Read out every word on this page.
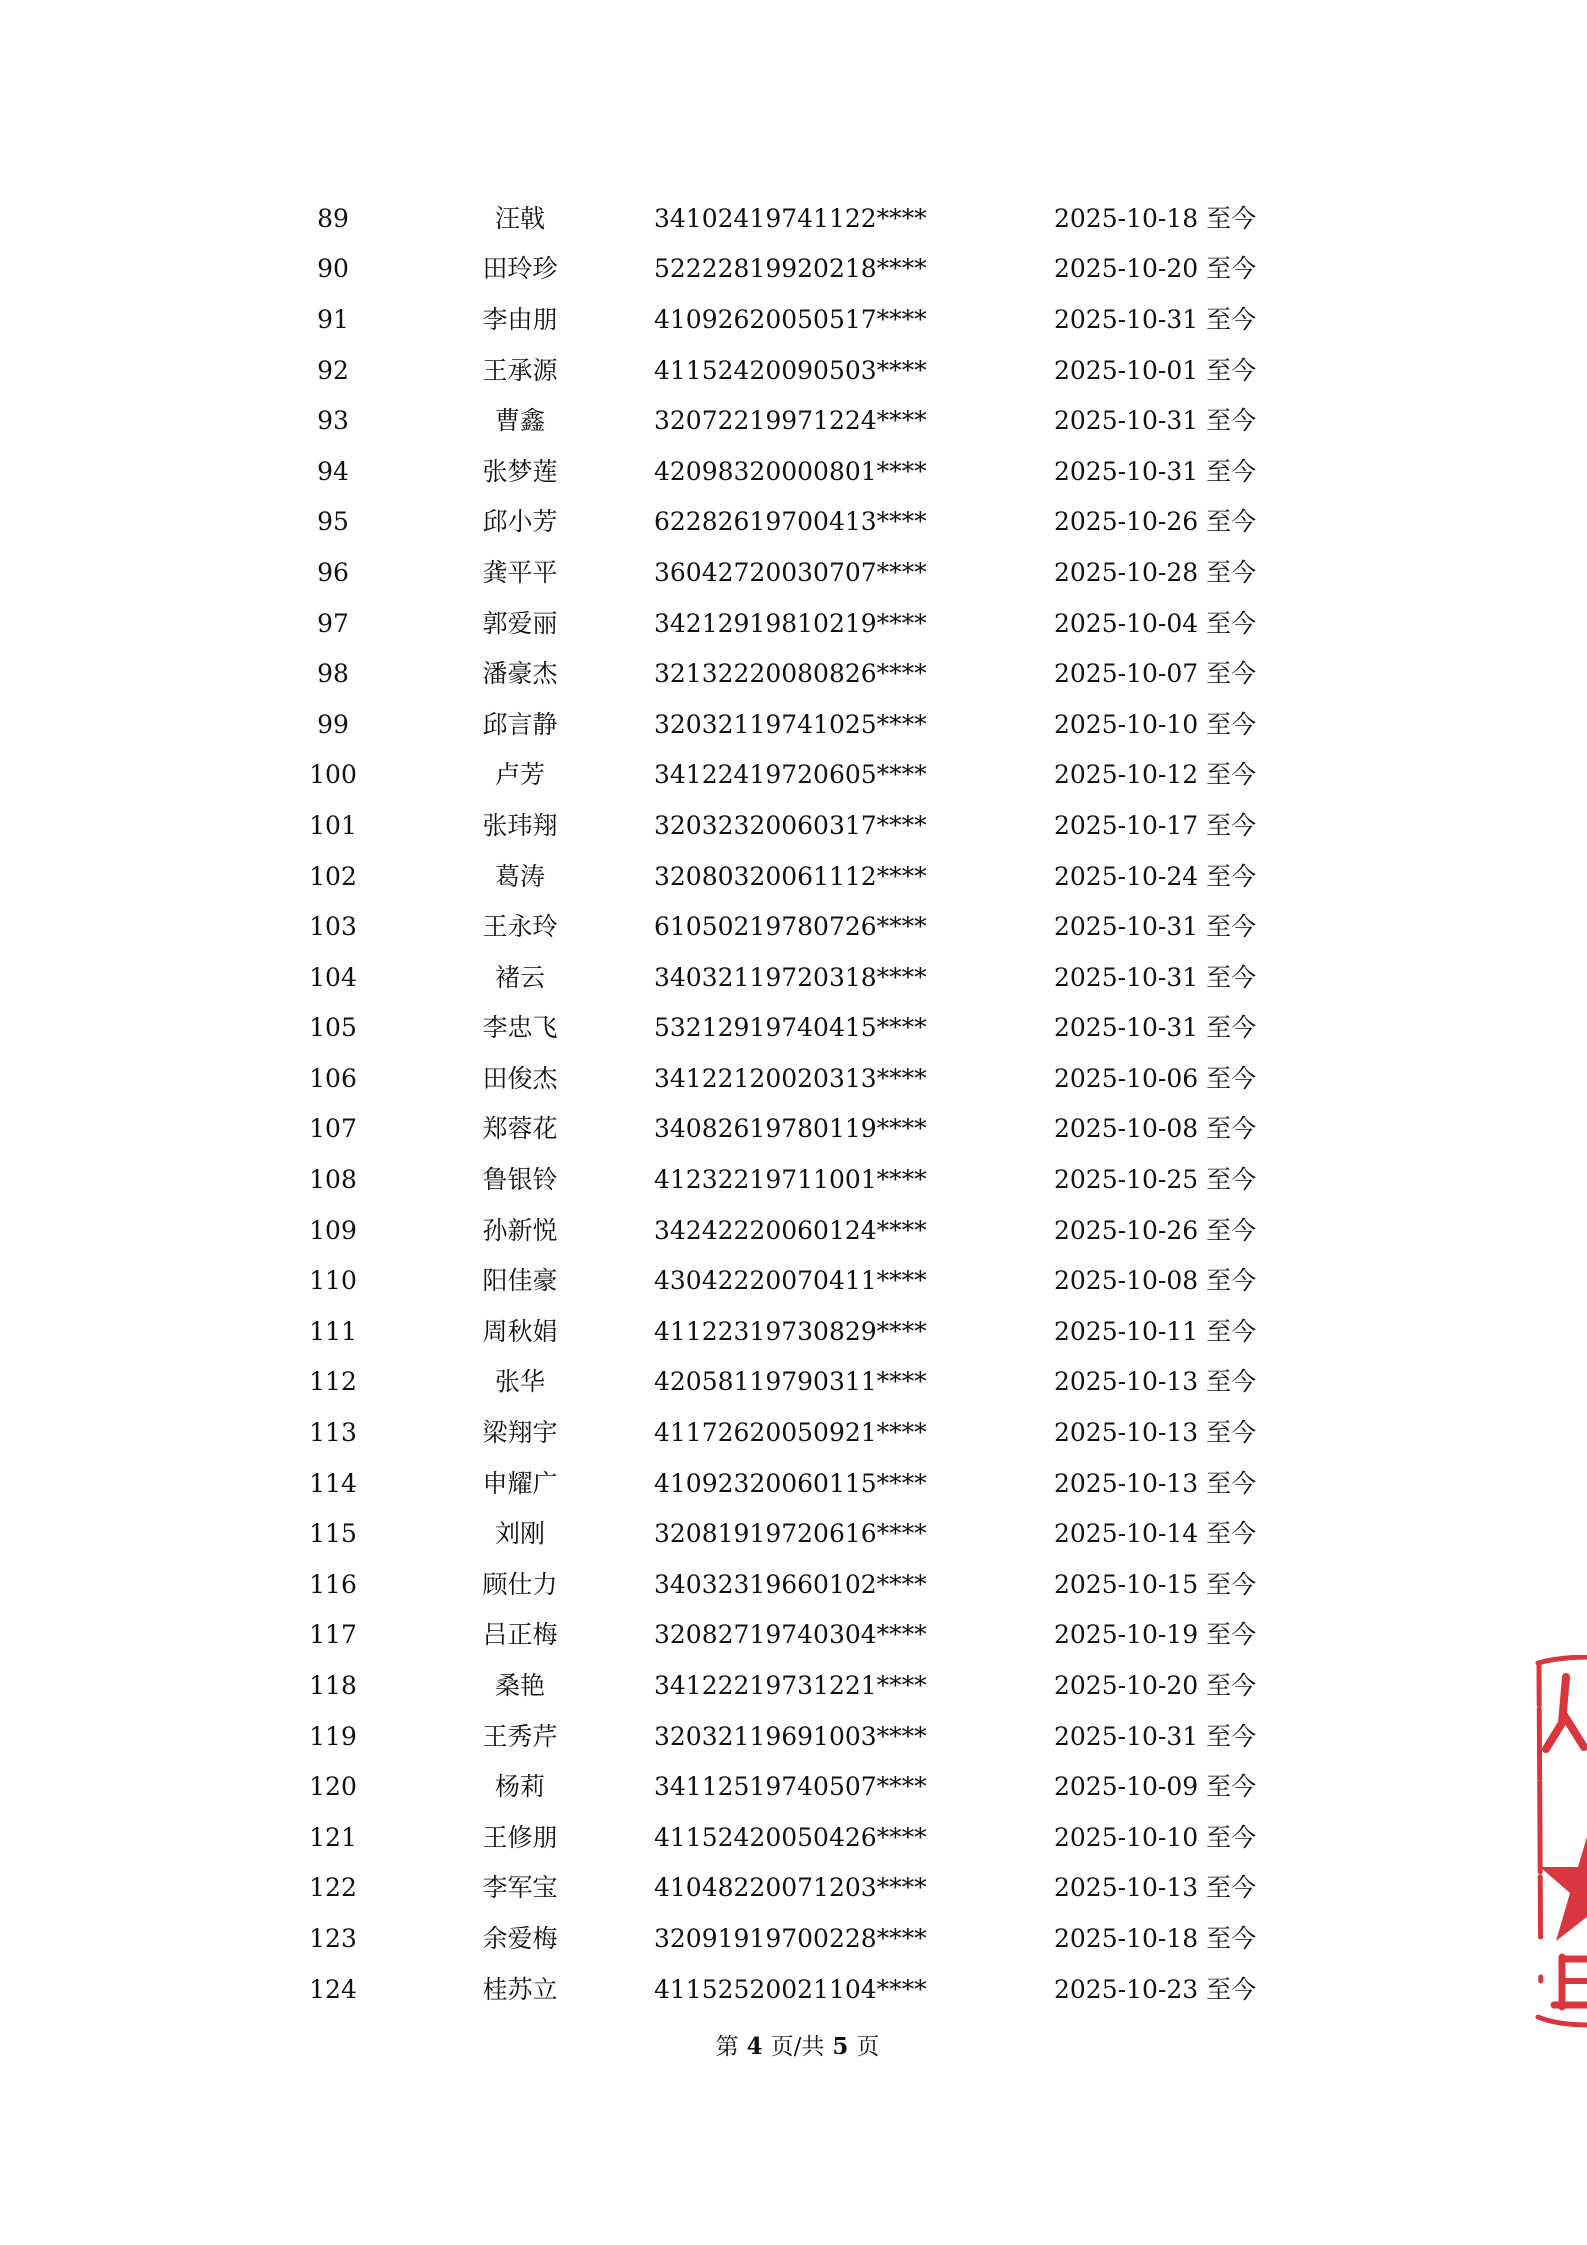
89	汪戟	34102419741122****	2025-10-18 至今
90	田玲珍	52222819920218****	2025-10-20 至今
91	李由朋	41092620050517****	2025-10-31 至今
92	王承源	41152420090503****	2025-10-01 至今
93	曹鑫	32072219971224****	2025-10-31 至今
94	张梦莲	42098320000801****	2025-10-31 至今
95	邱小芳	62282619700413****	2025-10-26 至今
96	龚平平	36042720030707****	2025-10-28 至今
97	郭爱丽	34212919810219****	2025-10-04 至今
98	潘豪杰	32132220080826****	2025-10-07 至今
99	邱言静	32032119741025****	2025-10-10 至今
100	卢芳	34122419720605****	2025-10-12 至今
101	张玮翔	32032320060317****	2025-10-17 至今
102	葛涛	32080320061112****	2025-10-24 至今
103	王永玲	61050219780726****	2025-10-31 至今
104	褚云	34032119720318****	2025-10-31 至今
105	李忠飞	53212919740415****	2025-10-31 至今
106	田俊杰	34122120020313****	2025-10-06 至今
107	郑蓉花	34082619780119****	2025-10-08 至今
108	鲁银铃	41232219711001****	2025-10-25 至今
109	孙新悦	34242220060124****	2025-10-26 至今
110	阳佳豪	43042220070411****	2025-10-08 至今
111	周秋娟	41122319730829****	2025-10-11 至今
112	张华	42058119790311****	2025-10-13 至今
113	梁翔宇	41172620050921****	2025-10-13 至今
114	申耀广	41092320060115****	2025-10-13 至今
115	刘刚	32081919720616****	2025-10-14 至今
116	顾仕力	34032319660102****	2025-10-15 至今
117	吕正梅	32082719740304****	2025-10-19 至今
118	桑艳	34122219731221****	2025-10-20 至今
119	王秀芹	32032119691003****	2025-10-31 至今
120	杨莉	34112519740507****	2025-10-09 至今
121	王修朋	41152420050426****	2025-10-10 至今
122	李军宝	41048220071203****	2025-10-13 至今
123	余爱梅	32091919700228****	2025-10-18 至今
124	桂苏立	41152520021104****	2025-10-23 至今
第 4 页/共 5 页
